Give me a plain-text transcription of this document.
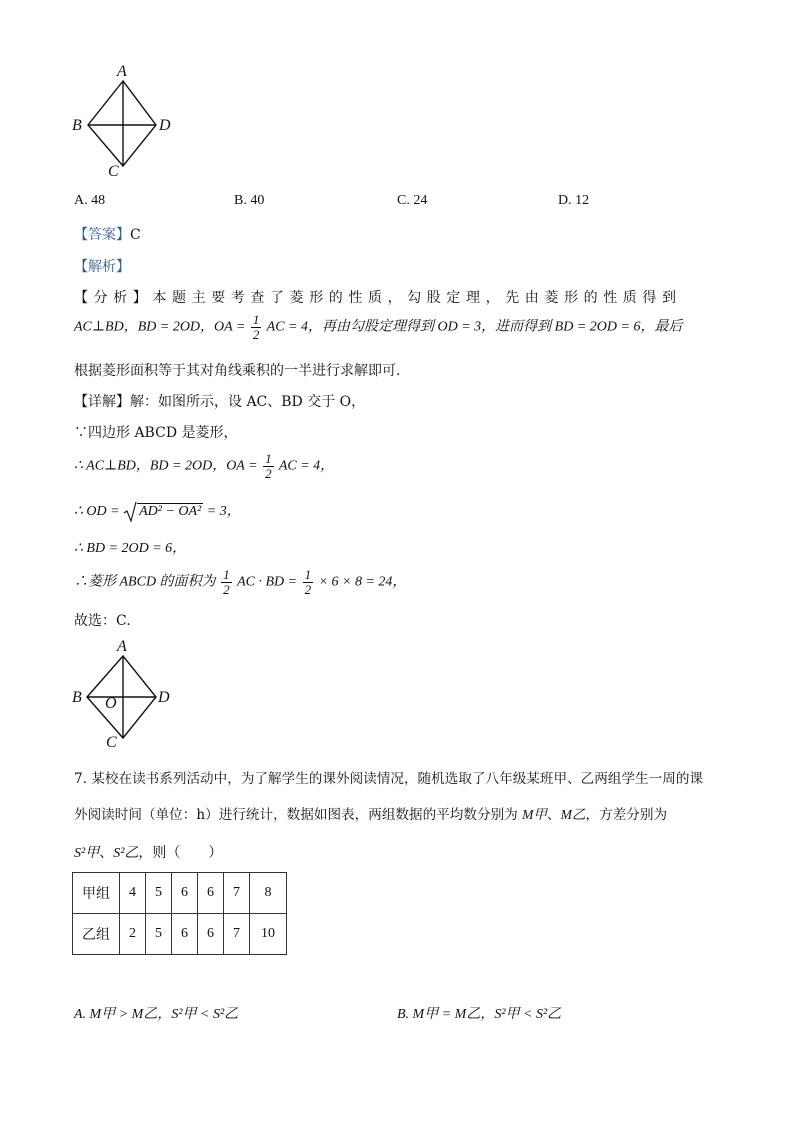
A
B	D
C
A. 48	B. 40	C. 24	D. 12
【答案】C
【解析】
【分析】本题主要考查了菱形的性质，勾股定理，先由菱形的性质得到
AC⊥BD，BD = 2OD，OA = $\frac{1}{2}$ AC = 4，再由勾股定理得到 OD = 3，进而得到 BD = 2OD = 6，最后
根据菱形面积等于其对角线乘积的一半进行求解即可.
【详解】解：如图所示，设 AC、BD 交于 O，
∵四边形 ABCD 是菱形，
∴ AC⊥BD，BD = 2OD，OA = $\frac{1}{2}$ AC = 4，
∴ OD = AD² − OA² = 3，
∴ BD = 2OD = 6，
∴菱形 ABCD 的面积为 $\frac{1}{2}$ AC · BD = $\frac{1}{2} \times 6 \times 8 = 24$，
故选：C.
A
B	D
O
C
7. 某校在读书系列活动中，为了解学生的课外阅读情况，随机选取了八年级某班甲、乙两组学生一周的课
外阅读时间（单位：h）进行统计，数据如图表，两组数据的平均数分别为 M甲、M乙，方差分别为
S²甲、S²乙，则（　　）
甲组	4	5	6	6	7	8
乙组	2	5	6	6	7	10
A. M甲 > M乙，S²甲 < S²乙	B. M甲 = M乙，S²甲 < S²乙
